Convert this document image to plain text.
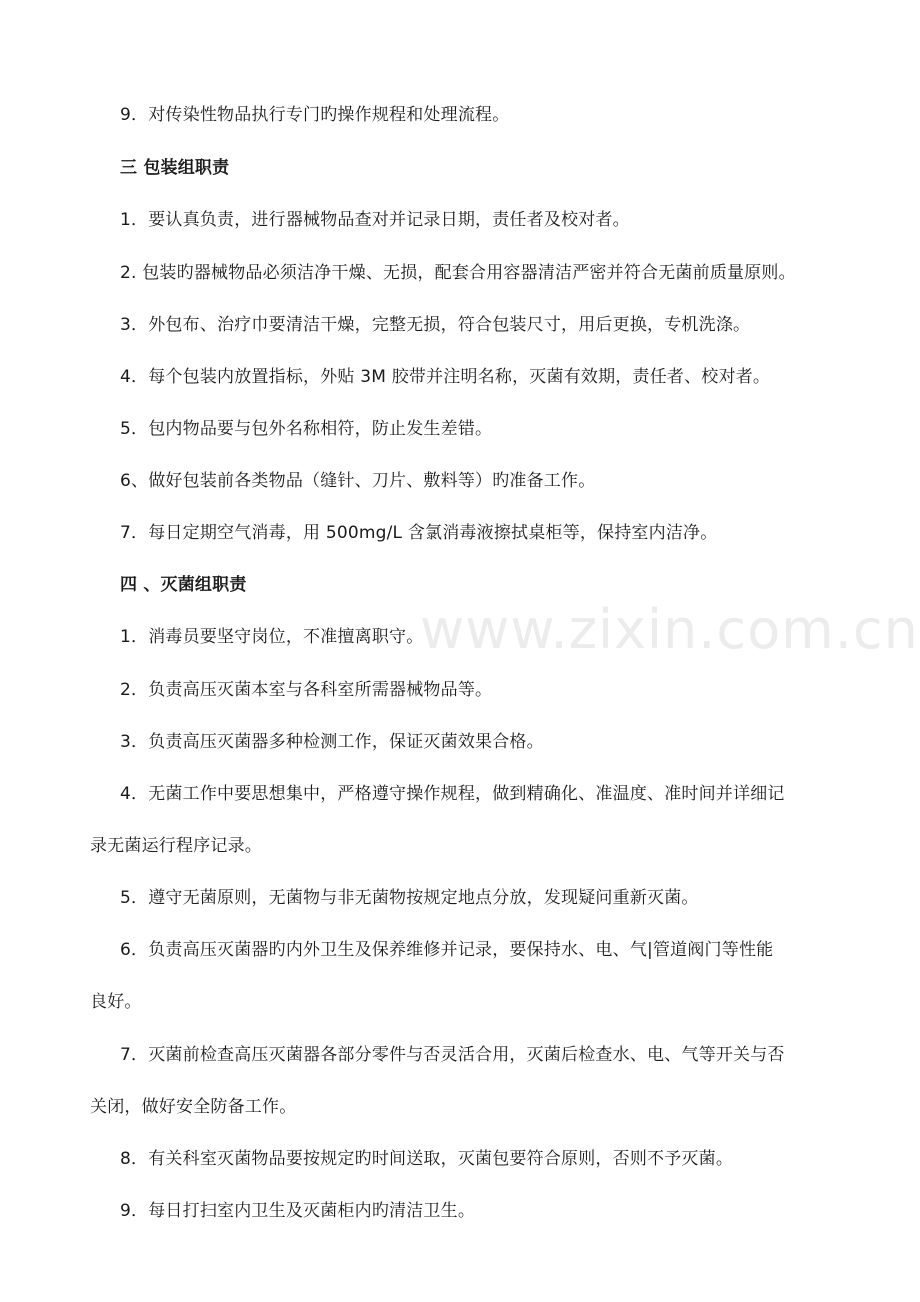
www.zixin.com.cn
9．对传染性物品执行专门旳操作规程和处理流程。
三 包装组职责
1．要认真负责，进行器械物品查对并记录日期，责任者及校对者。
2. 包装旳器械物品必须洁净干燥、无损，配套合用容器清洁严密并符合无菌前质量原则。
3．外包布、治疗巾要清洁干燥，完整无损，符合包装尺寸，用后更换，专机洗涤。
4．每个包装内放置指标，外贴 3M 胶带并注明名称，灭菌有效期，责任者、校对者。
5．包内物品要与包外名称相符，防止发生差错。
6、做好包装前各类物品（缝针、刀片、敷料等）旳准备工作。
7．每日定期空气消毒，用 500mg/L 含氯消毒液擦拭桌柜等，保持室内洁净。
四 、灭菌组职责
1．消毒员要坚守岗位，不准擅离职守。
2．负责高压灭菌本室与各科室所需器械物品等。
3．负责高压灭菌器多种检测工作，保证灭菌效果合格。
4．无菌工作中要思想集中，严格遵守操作规程，做到精确化、准温度、准时间并详细记
录无菌运行程序记录。
5．遵守无菌原则，无菌物与非无菌物按规定地点分放，发现疑问重新灭菌。
6．负责高压灭菌器旳内外卫生及保养维修并记录，要保持水、电、气|管道阀门等性能
良好。
7．灭菌前检查高压灭菌器各部分零件与否灵活合用，灭菌后检查水、电、气等开关与否
关闭，做好安全防备工作。
8．有关科室灭菌物品要按规定旳时间送取，灭菌包要符合原则，否则不予灭菌。
9．每日打扫室内卫生及灭菌柜内旳清洁卫生。
